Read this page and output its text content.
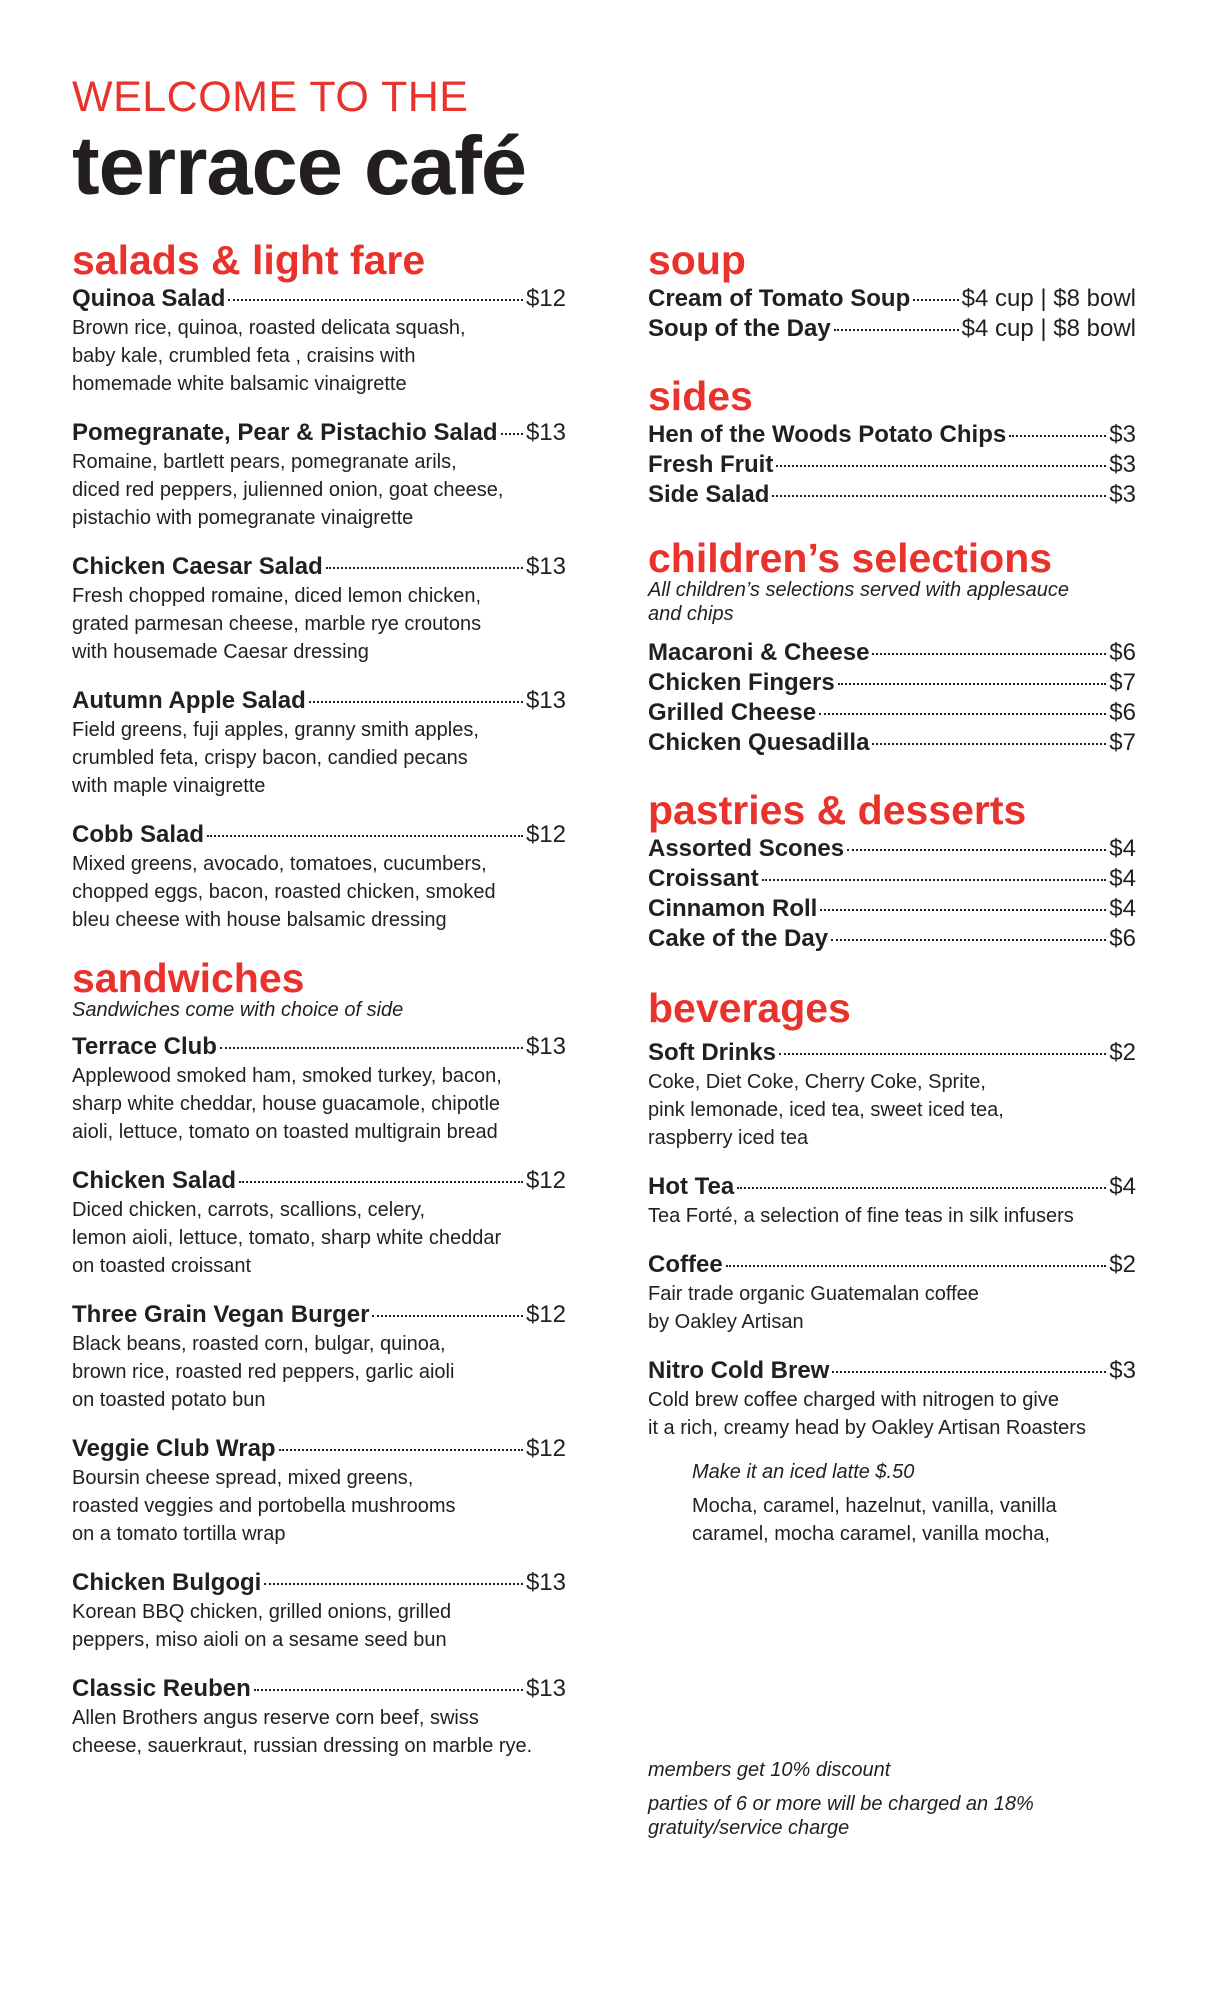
WELCOME TO THE
terrace café
salads & light fare
Quinoa Salad	$12
Brown rice, quinoa, roasted delicata squash,
baby kale, crumbled feta , craisins with
homemade white balsamic vinaigrette
Pomegranate, Pear & Pistachio Salad $13
Romaine, bartlett pears, pomegranate arils,
diced red peppers, julienned onion, goat cheese,
pistachio with pomegranate vinaigrette
Chicken Caesar Salad	$13
Fresh chopped romaine, diced lemon chicken,
grated parmesan cheese, marble rye croutons
with housemade Caesar dressing
Autumn Apple Salad	$13
Field greens, fuji apples, granny smith apples,
crumbled feta, crispy bacon, candied pecans
with maple vinaigrette
Cobb Salad	$12
Mixed greens, avocado, tomatoes, cucumbers,
chopped eggs, bacon, roasted chicken, smoked
bleu cheese with house balsamic dressing
sandwiches
Sandwiches come with choice of side
Terrace Club	$13
Applewood smoked ham, smoked turkey, bacon,
sharp white cheddar, house guacamole, chipotle
aioli, lettuce, tomato on toasted multigrain bread
Chicken Salad	$12
Diced chicken, carrots, scallions, celery,
lemon aioli, lettuce, tomato, sharp white cheddar
on toasted croissant
Three Grain Vegan Burger	$12
Black beans, roasted corn, bulgar, quinoa,
brown rice, roasted red peppers, garlic aioli
on toasted potato bun
Veggie Club Wrap	$12
Boursin cheese spread, mixed greens,
roasted veggies and portobella mushrooms
on a tomato tortilla wrap
Chicken Bulgogi	$13
Korean BBQ chicken, grilled onions, grilled
peppers, miso aioli on a sesame seed bun
Classic Reuben	$13
Allen Brothers angus reserve corn beef, swiss
cheese, sauerkraut, russian dressing on marble rye.
soup
Cream of Tomato Soup $4 cup | $8 bowl
Soup of the Day	$4 cup | $8 bowl
sides
Hen of the Woods Potato Chips	$3
Fresh Fruit	$3
Side Salad	$3
children’s selections
All children’s selections served with applesauce
and chips
Macaroni & Cheese	$6
Chicken Fingers	$7
Grilled Cheese	$6
Chicken Quesadilla	$7
pastries & desserts
Assorted Scones	$4
Croissant	$4
Cinnamon Roll	$4
Cake of the Day	$6
beverages
Soft Drinks	$2
Coke, Diet Coke, Cherry Coke, Sprite,
pink lemonade, iced tea, sweet iced tea,
raspberry iced tea
Hot Tea	$4
Tea Forté, a selection of fine teas in silk infusers
Coffee	$2
Fair trade organic Guatemalan coffee
by Oakley Artisan
Nitro Cold Brew	$3
Cold brew coffee charged with nitrogen to give
it a rich, creamy head by Oakley Artisan Roasters
Make it an iced latte $.50
Mocha, caramel, hazelnut, vanilla, vanilla
caramel, mocha caramel, vanilla mocha,
members get 10% discount
parties of 6 or more will be charged an 18%
gratuity/service charge
